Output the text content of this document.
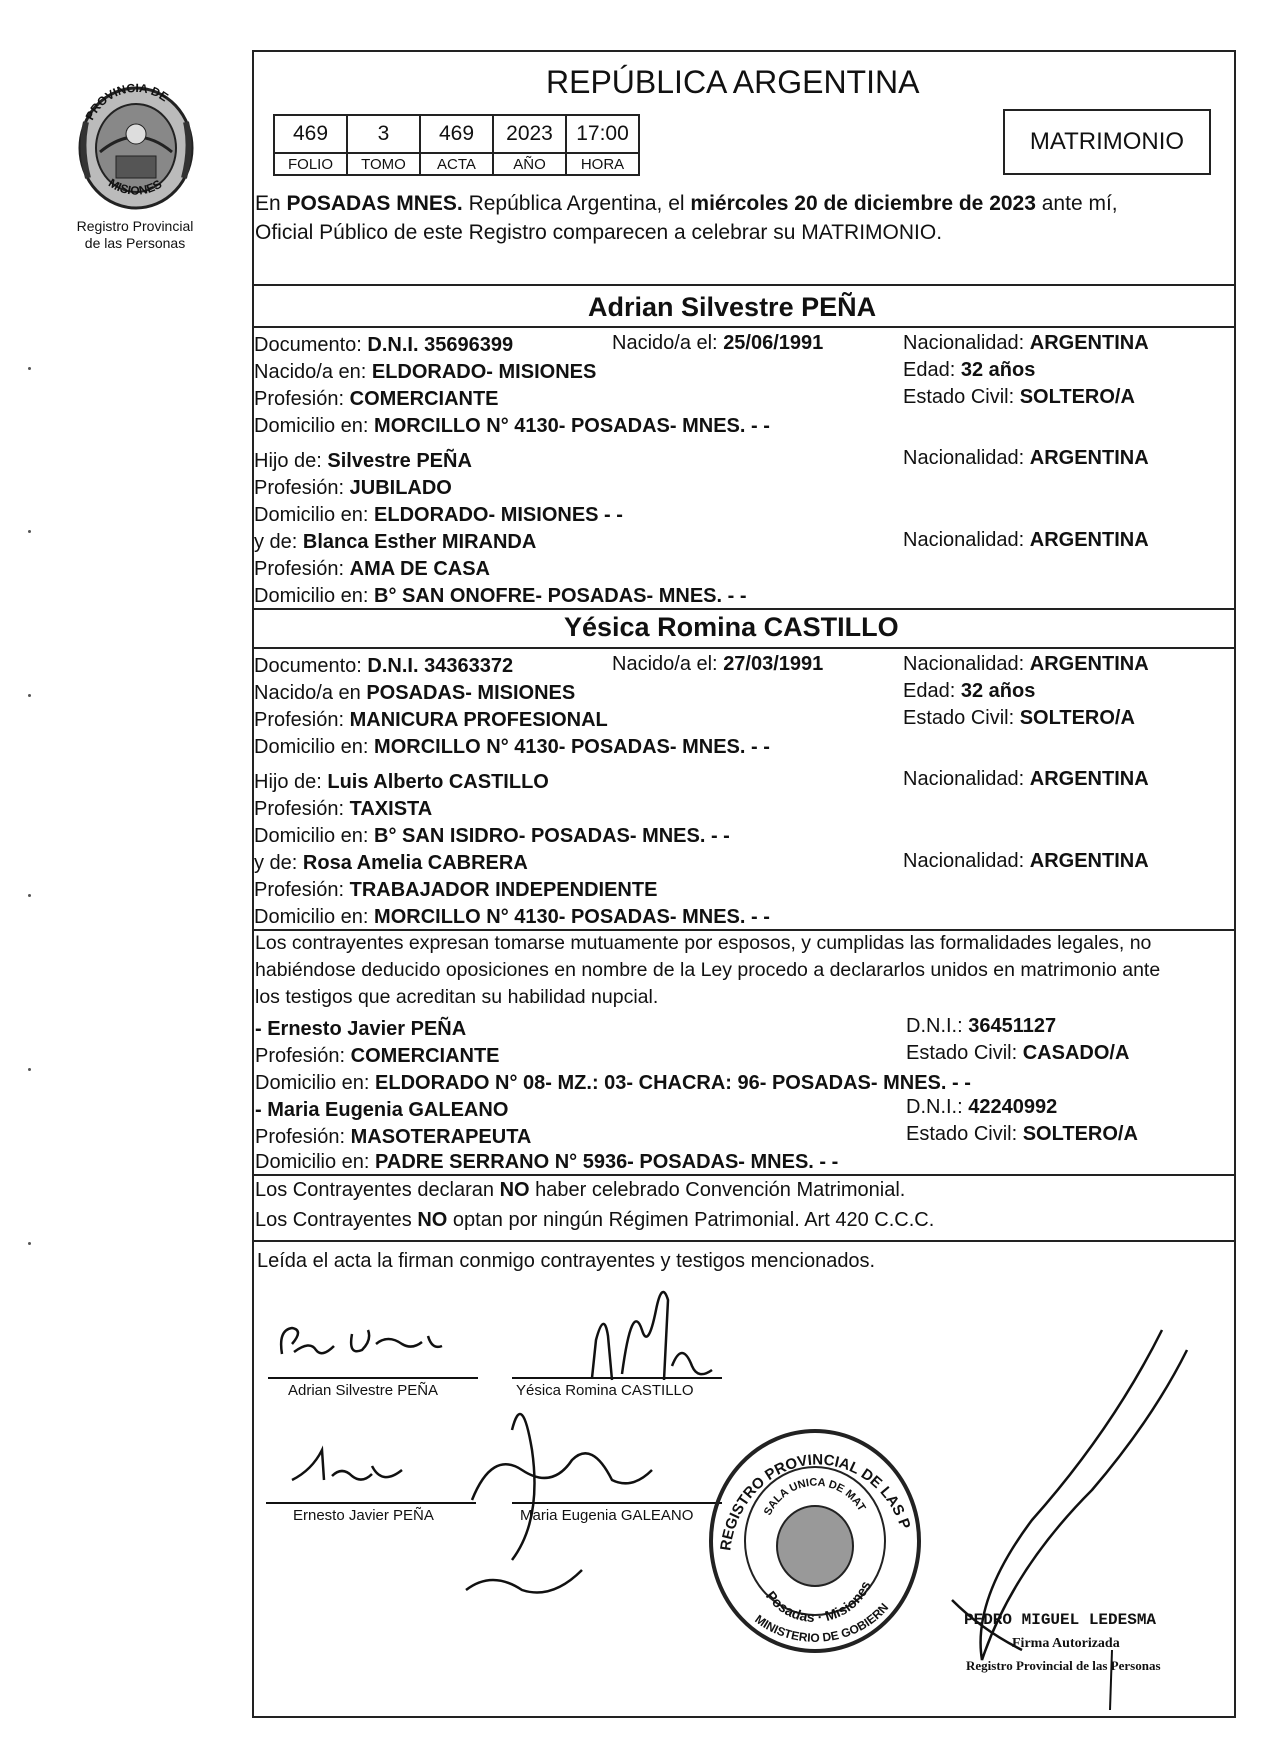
Registro Provincial
de las Personas
PROVINCIA DE
MISIONES
REPÚBLICA ARGENTINA
469	3	469	2023	17:00
FOLIO	TOMO	ACTA	AÑO	HORA
MATRIMONIO
En POSADAS MNES. República Argentina, el miércoles 20 de diciembre de 2023 ante mí,
Oficial Público de este Registro comparecen a celebrar su MATRIMONIO.
Adrian Silvestre PEÑA
Documento: D.N.I. 35696399	Nacido/a el: 25/06/1991	Nacionalidad: ARGENTINA
Nacido/a en: ELDORADO- MISIONES	Edad: 32 años
Profesión: COMERCIANTE	Estado Civil: SOLTERO/A
Domicilio en: MORCILLO N° 4130- POSADAS- MNES. - -
Hijo de: Silvestre PEÑA	Nacionalidad: ARGENTINA
Profesión: JUBILADO
Domicilio en: ELDORADO- MISIONES - -
y de: Blanca Esther MIRANDA	Nacionalidad: ARGENTINA
Profesión: AMA DE CASA
Domicilio en: B° SAN ONOFRE- POSADAS- MNES. - -
Yésica Romina CASTILLO
Documento: D.N.I. 34363372	Nacido/a el: 27/03/1991	Nacionalidad: ARGENTINA
Nacido/a en POSADAS- MISIONES	Edad: 32 años
Profesión: MANICURA PROFESIONAL	Estado Civil: SOLTERO/A
Domicilio en: MORCILLO N° 4130- POSADAS- MNES. - -
Hijo de: Luis Alberto CASTILLO	Nacionalidad: ARGENTINA
Profesión: TAXISTA
Domicilio en: B° SAN ISIDRO- POSADAS- MNES. - -
y de: Rosa Amelia CABRERA	Nacionalidad: ARGENTINA
Profesión: TRABAJADOR INDEPENDIENTE
Domicilio en: MORCILLO N° 4130- POSADAS- MNES. - -
Los contrayentes expresan tomarse mutuamente por esposos, y cumplidas las formalidades legales, no
habiéndose deducido oposiciones en nombre de la Ley procedo a declararlos unidos en matrimonio ante
los testigos que acreditan su habilidad nupcial.
- Ernesto Javier PEÑA	D.N.I.: 36451127
Profesión: COMERCIANTE	Estado Civil: CASADO/A
Domicilio en: ELDORADO N° 08- MZ.: 03- CHACRA: 96- POSADAS- MNES. - -
- Maria Eugenia GALEANO	D.N.I.: 42240992
Profesión: MASOTERAPEUTA	Estado Civil: SOLTERO/A
Domicilio en: PADRE SERRANO N° 5936- POSADAS- MNES. - -
Los Contrayentes declaran NO haber celebrado Convención Matrimonial.
Los Contrayentes NO optan por ningún Régimen Patrimonial. Art 420 C.C.C.
Leída el acta la firman conmigo contrayentes y testigos mencionados.
Adrian Silvestre PEÑA	Yésica Romina CASTILLO
Ernesto Javier PEÑA	Maria Eugenia GALEANO
REGISTRO PROVINCIAL DE LAS P
SALA UNICA DE MAT
Posadas · Misiones
MINISTERIO DE GOBIERN
PEDRO MIGUEL LEDESMA
Firma Autorizada
Registro Provincial de las Personas
